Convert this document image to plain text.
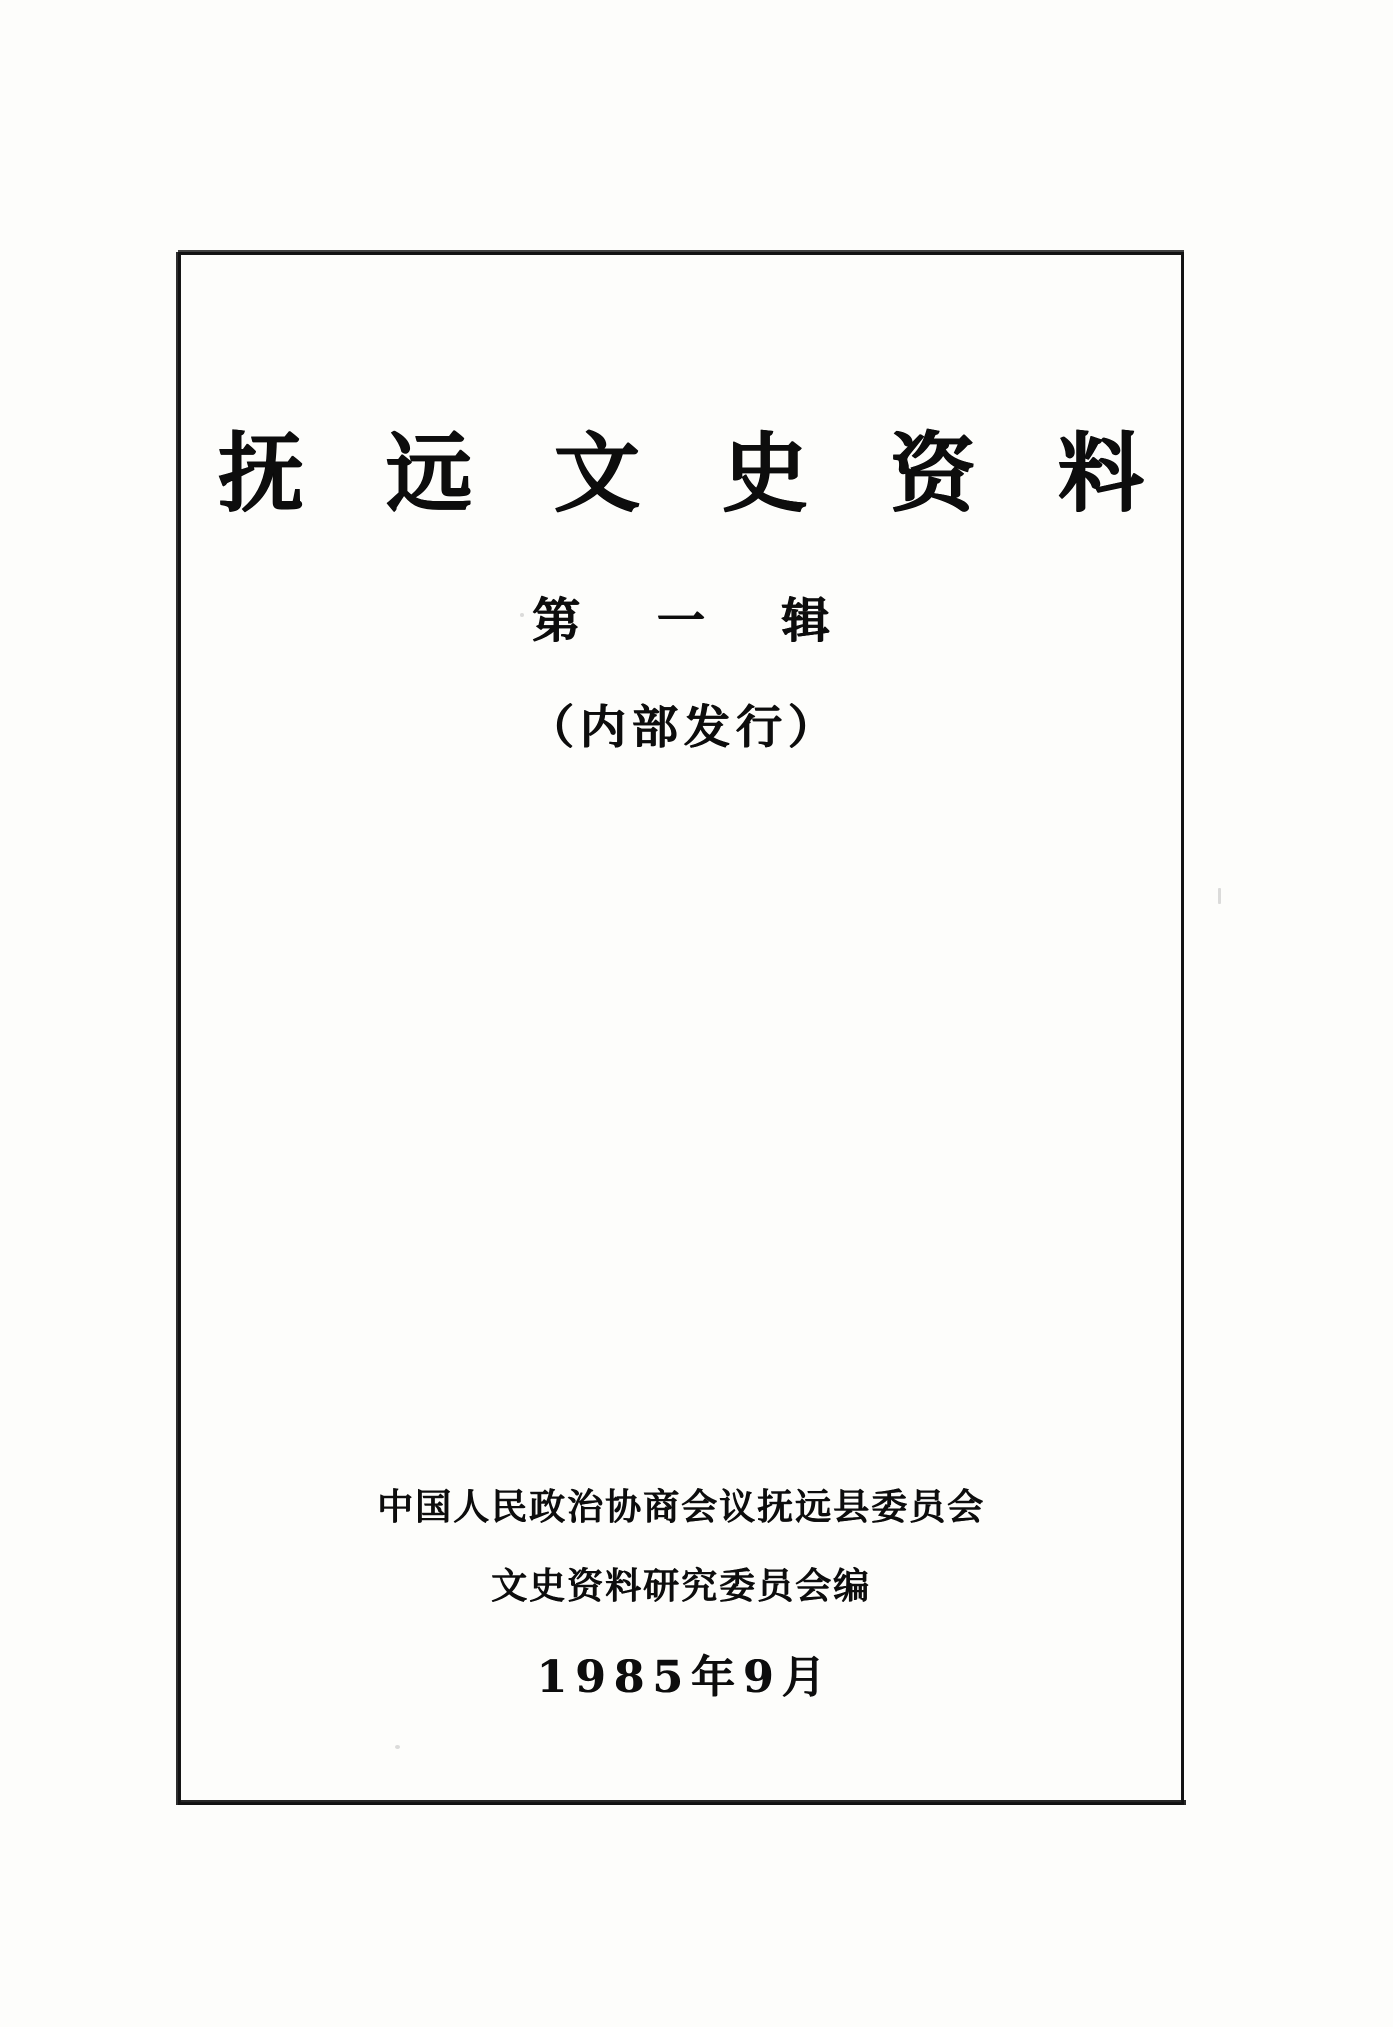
抚 远 文 史 资 料
第 一 辑
（内部发行）
中国人民政治协商会议抚远县委员会
文史资料研究委员会编
1985年9月
